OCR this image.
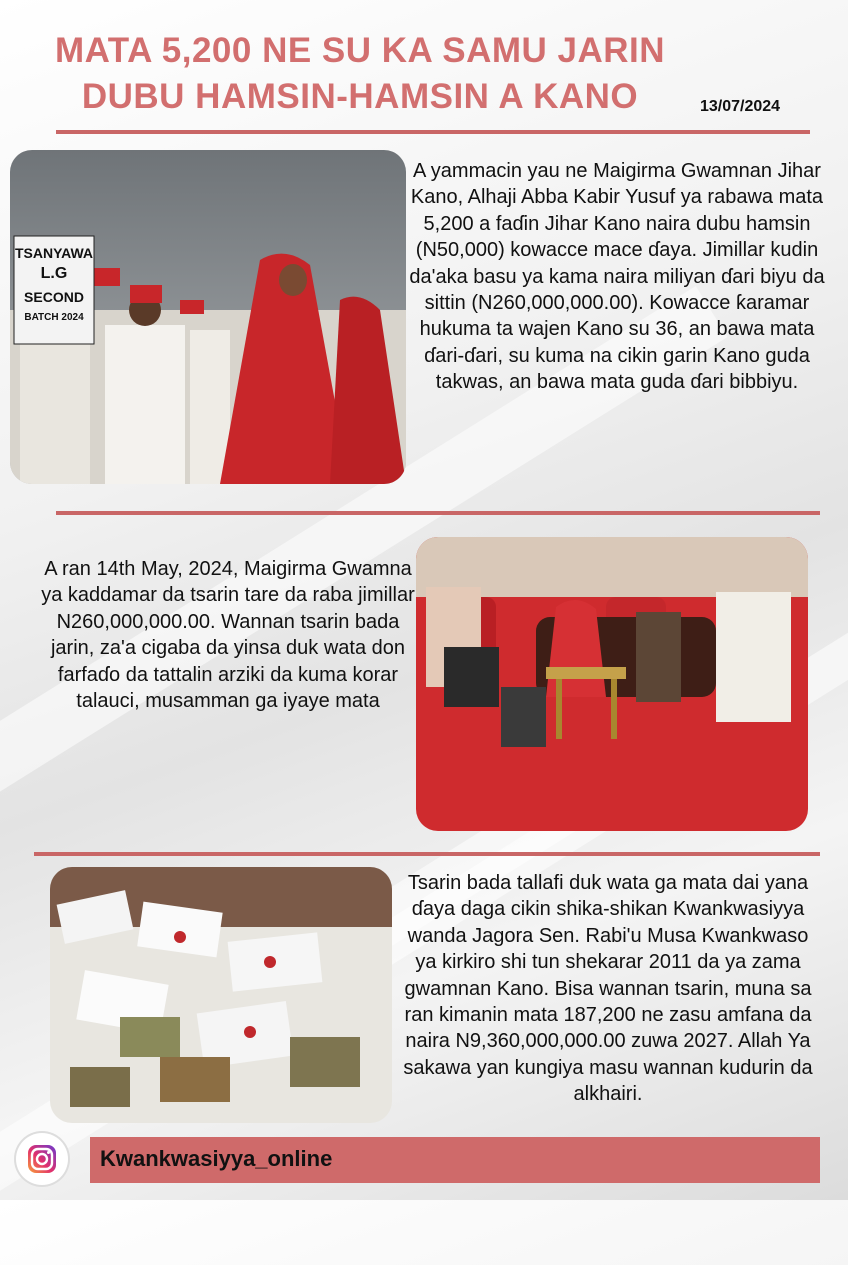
MATA 5,200 NE SU KA SAMU JARIN
DUBU HAMSIN-HAMSIN A KANO	13/07/2024
TSANYAWA
L.G
SECOND
BATCH 2024

A yammacin yau ne Maigirma Gwamnan Jihar Kano, Alhaji Abba Kabir Yusuf ya rabawa mata 5,200 a faɗin Jihar Kano naira dubu hamsin (N50,000) kowacce mace ɗaya. Jimillar kudin da'aka basu ya kama naira miliyan ɗari biyu da sittin (N260,000,000.00). Kowacce ƙaramar hukuma ta wajen Kano su 36, an bawa mata ɗari-ɗari, su kuma na cikin garin Kano guda takwas, an bawa mata guda ɗari bibbiyu.

A ran 14th May, 2024, Maigirma Gwamna ya kaddamar da tsarin tare da raba jimillar N260,000,000.00. Wannan tsarin bada jarin, za'a cigaba da yinsa duk wata don farfaɗo da tattalin arziki da kuma korar talauci, musamman ga iyaye mata

Tsarin bada tallafi duk wata ga mata dai yana ɗaya daga cikin shika-shikan Kwankwasiyya wanda Jagora Sen. Rabi'u Musa Kwankwaso ya kirkiro shi tun shekarar 2011 da ya zama gwamnan Kano. Bisa wannan tsarin, muna sa ran kimanin mata 187,200 ne zasu amfana da naira N9,360,000,000.00 zuwa 2027. Allah Ya sakawa yan kungiya masu wannan kudurin da alkhairi.

Kwankwasiyya_online
